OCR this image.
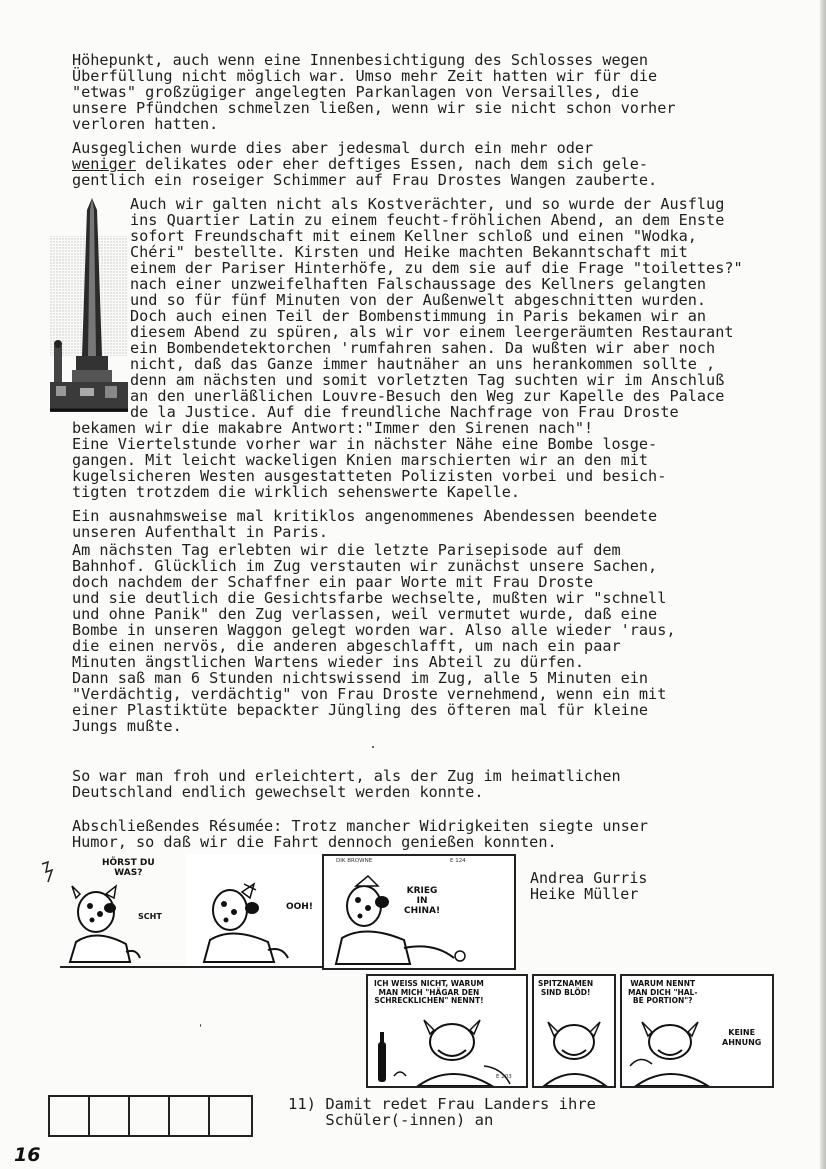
Höhepunkt, auch wenn eine Innenbesichtigung des Schlosses wegen
Überfüllung nicht möglich war. Umso mehr Zeit hatten wir für die
"etwas" großzügiger angelegten Parkanlagen von Versailles, die
unsere Pfündchen schmelzen ließen, wenn wir sie nicht schon vorher
verloren hatten.
Ausgeglichen wurde dies aber jedesmal durch ein mehr oder
weniger delikates oder eher deftiges Essen, nach dem sich gele-
gentlich ein roseiger Schimmer auf Frau Drostes Wangen zauberte.
Auch wir galten nicht als Kostverächter, und so wurde der Ausflug
ins Quartier Latin zu einem feucht-fröhlichen Abend, an dem Enste
sofort Freundschaft mit einem Kellner schloß und einen "Wodka,
Chéri" bestellte. Kirsten und Heike machten Bekanntschaft mit
einem der Pariser Hinterhöfe, zu dem sie auf die Frage "toilettes?"
nach einer unzweifelhaften Falschaussage des Kellners gelangten
und so für fünf Minuten von der Außenwelt abgeschnitten wurden.
Doch auch einen Teil der Bombenstimmung in Paris bekamen wir an
diesem Abend zu spüren, als wir vor einem leergeräumten Restaurant
ein Bombendetektorchen 'rumfahren sahen. Da wußten wir aber noch
nicht, daß das Ganze immer hautnäher an uns herankommen sollte ,
denn am nächsten und somit vorletzten Tag suchten wir im Anschluß
an den unerläßlichen Louvre-Besuch den Weg zur Kapelle des Palace
de la Justice. Auf die freundliche Nachfrage von Frau Droste
bekamen wir die makabre Antwort:"Immer den Sirenen nach"!
Eine Viertelstunde vorher war in nächster Nähe eine Bombe losge-
gangen. Mit leicht wackeligen Knien marschierten wir an den mit
kugelsicheren Westen ausgestatteten Polizisten vorbei und besich-
tigten trotzdem die wirklich sehenswerte Kapelle.
Ein ausnahmsweise mal kritiklos angenommenes Abendessen beendete
unseren Aufenthalt in Paris.
Am nächsten Tag erlebten wir die letzte Parisepisode auf dem
Bahnhof. Glücklich im Zug verstauten wir zunächst unsere Sachen,
doch nachdem der Schaffner ein paar Worte mit Frau Droste
und sie deutlich die Gesichtsfarbe wechselte, mußten wir "schnell
und ohne Panik" den Zug verlassen, weil vermutet wurde, daß eine
Bombe in unseren Waggon gelegt worden war. Also alle wieder 'raus,
die einen nervös, die anderen abgeschlafft, um nach ein paar
Minuten ängstlichen Wartens wieder ins Abteil zu dürfen.
Dann saß man 6 Stunden nichtswissend im Zug, alle 5 Minuten ein
"Verdächtig, verdächtig" von Frau Droste vernehmend, wenn ein mit
einer Plastiktüte bepackter Jüngling des öfteren mal für kleine
Jungs mußte.
So war man froh und erleichtert, als der Zug im heimatlichen
Deutschland endlich gewechselt werden konnte.
Abschließendes Résumée: Trotz mancher Widrigkeiten siegte unser
Humor, so daß wir die Fahrt dennoch genießen konnten.
HÖRST DU
WAS?
SCHT
OOH!
DIK BROWNE	E 124
KRIEG
IN
CHINA!
Andrea Gurris
Heike Müller
ICH WEISS NICHT, WARUM
MAN MICH "HÄGAR DEN
SCHRECKLICHEN" NENNT!
E 203
SPITZNAMEN
SIND BLÖD!
WARUM NENNT
MAN DICH "HAL-
BE PORTION"?
KEINE
AHNUNG
11) Damit redet Frau Landers ihre
Schüler(-innen) an
16
